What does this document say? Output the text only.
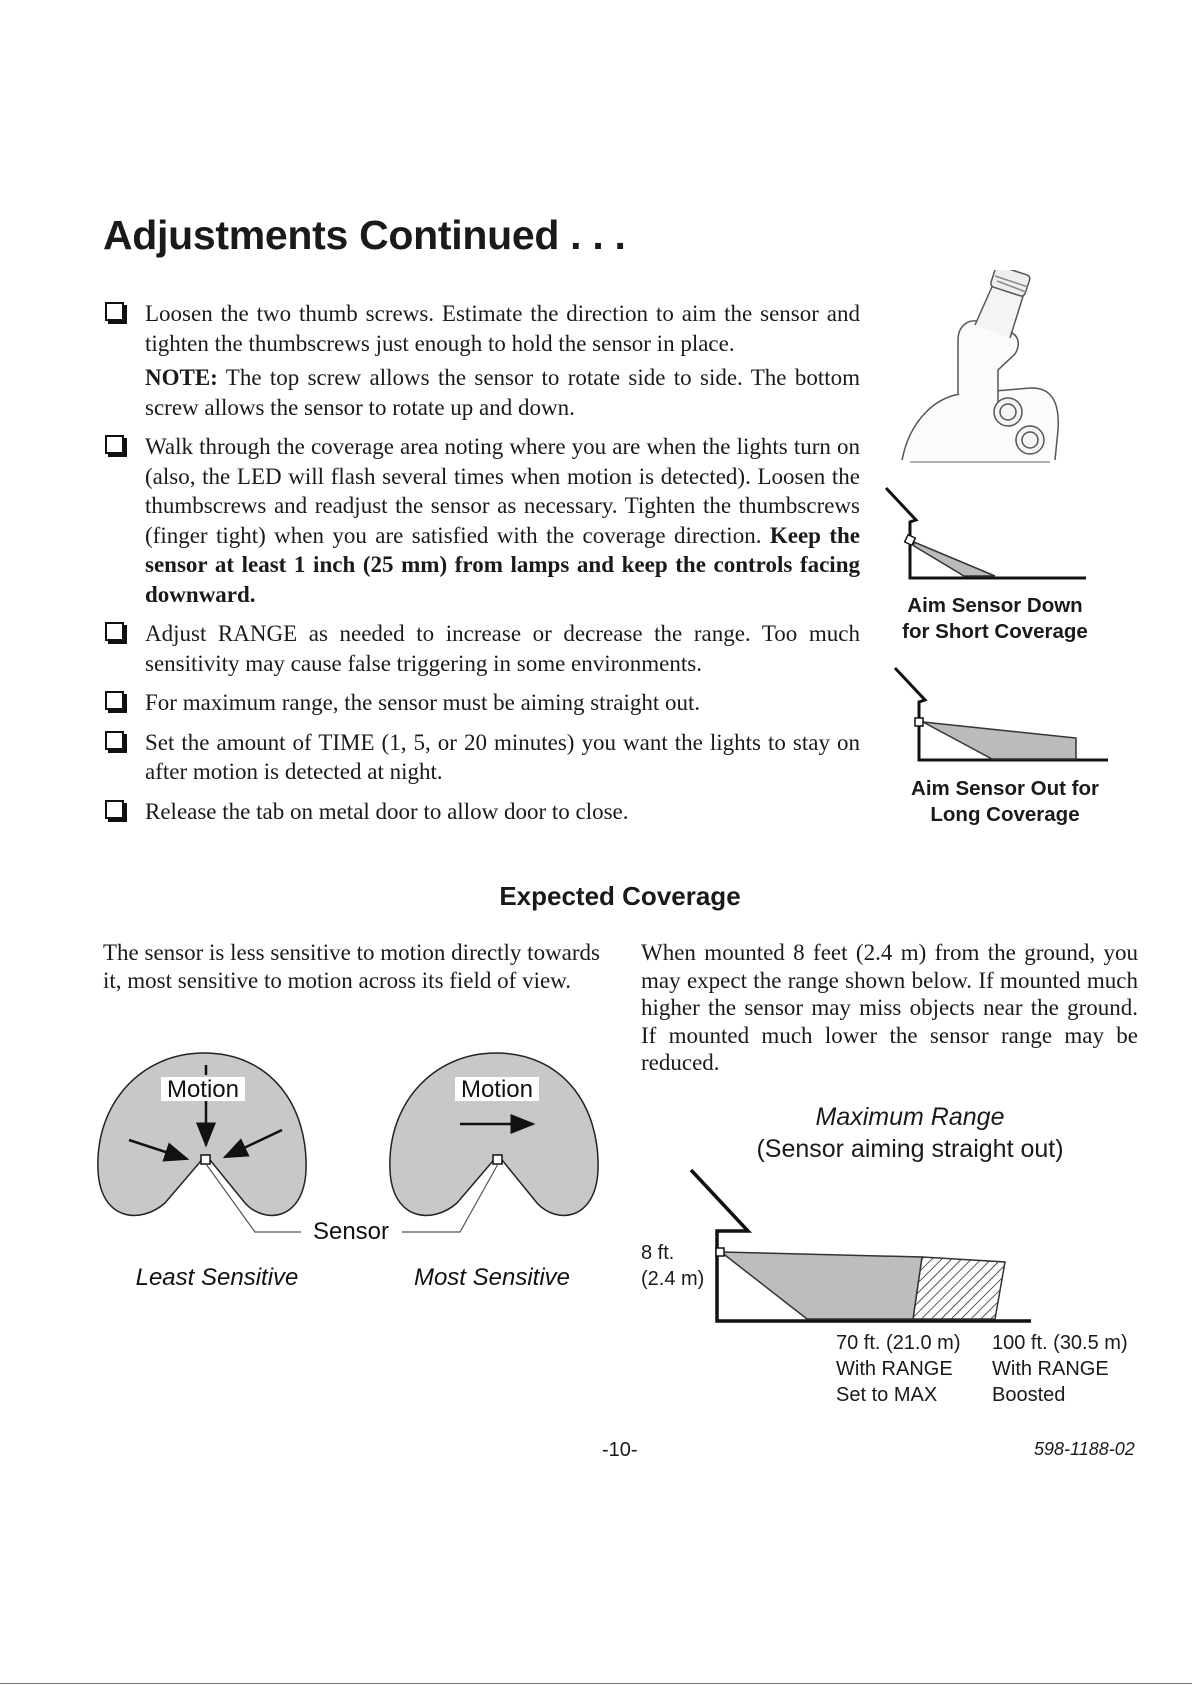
Adjustments Continued . . .

Loosen the two thumb screws. Estimate the direction to aim the sensor and tighten the thumbscrews just enough to hold the sensor in place.

NOTE: The top screw allows the sensor to rotate side to side. The bottom screw allows the sensor to rotate up and down.

Walk through the coverage area noting where you are when the lights turn on (also, the LED will flash several times when motion is detected). Loosen the thumbscrews and readjust the sensor as necessary. Tighten the thumbscrews (finger tight) when you are satisfied with the coverage direction. Keep the sensor at least 1 inch (25 mm) from lamps and keep the controls facing downward.

Adjust RANGE as needed to increase or decrease the range. Too much sensitivity may cause false triggering in some environments.

For maximum range, the sensor must be aiming straight out.

Set the amount of TIME (1, 5, or 20 minutes) you want the lights to stay on after motion is detected at night.

Release the tab on metal door to allow door to close.

Aim Sensor Down
for Short Coverage
Aim Sensor Out for
Long Coverage
Expected Coverage

The sensor is less sensitive to motion directly towards it, most sensitive to motion across its field of view.

When mounted 8 feet (2.4 m) from the ground, you may expect the range shown below. If mounted much higher the sensor may miss objects near the ground. If mounted much lower the sensor range may be reduced.

Motion	Motion
Sensor
Least Sensitive	Most Sensitive
Maximum Range
(Sensor aiming straight out)
8 ft.
(2.4 m)
70 ft. (21.0 m)
With RANGE
Set to MAX
100 ft. (30.5 m)
With RANGE
Boosted
-10-	598-1188-02
